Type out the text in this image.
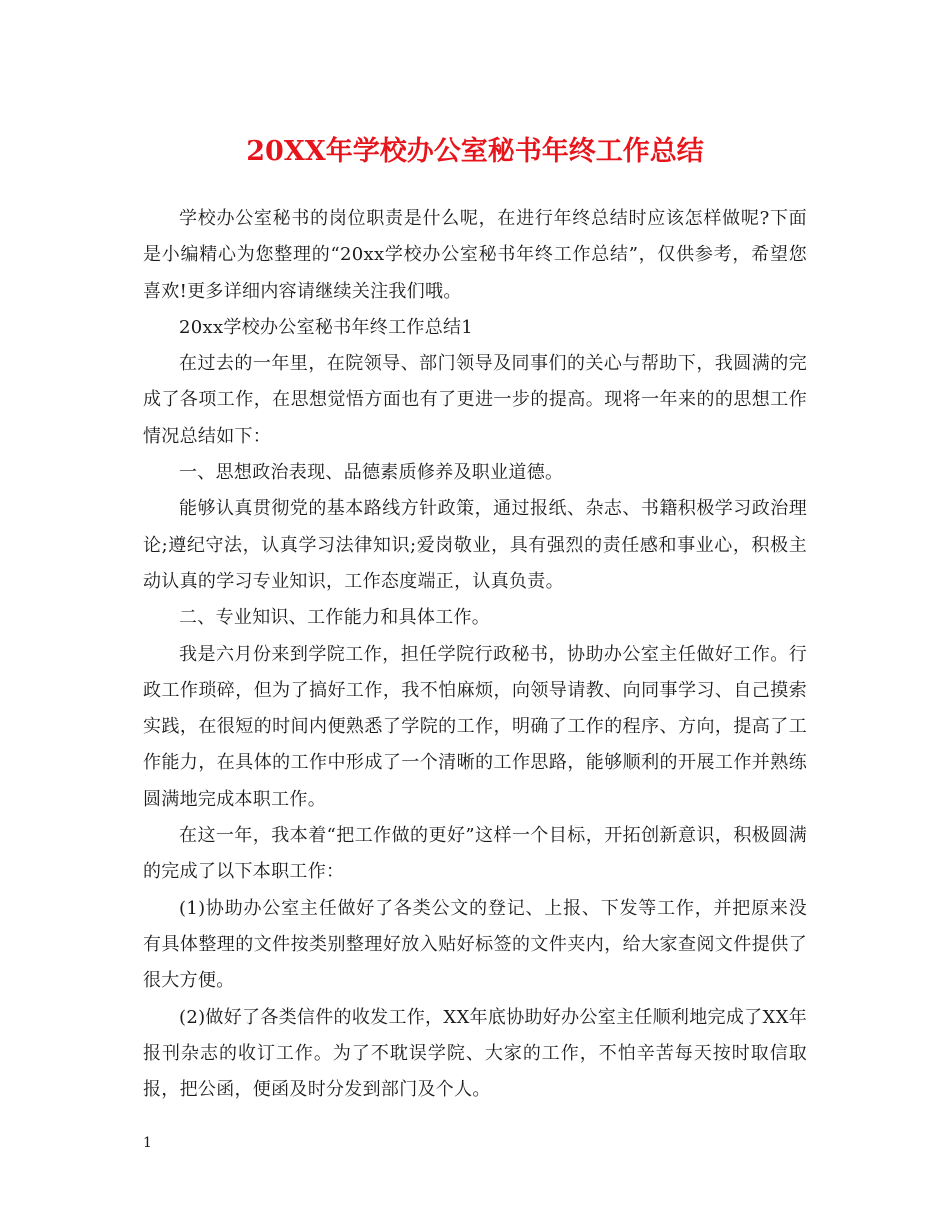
20XX年学校办公室秘书年终工作总结

学校办公室秘书的岗位职责是什么呢，在进行年终总结时应该怎样做呢?下面是小编精心为您整理的“20xx学校办公室秘书年终工作总结”，仅供参考，希望您喜欢!更多详细内容请继续关注我们哦。

20xx学校办公室秘书年终工作总结1

在过去的一年里，在院领导、部门领导及同事们的关心与帮助下，我圆满的完成了各项工作，在思想觉悟方面也有了更进一步的提高。现将一年来的的思想工作情况总结如下：

一、思想政治表现、品德素质修养及职业道德。

能够认真贯彻党的基本路线方针政策，通过报纸、杂志、书籍积极学习政治理论;遵纪守法，认真学习法律知识;爱岗敬业，具有强烈的责任感和事业心，积极主动认真的学习专业知识，工作态度端正，认真负责。

二、专业知识、工作能力和具体工作。

我是六月份来到学院工作，担任学院行政秘书，协助办公室主任做好工作。行政工作琐碎，但为了搞好工作，我不怕麻烦，向领导请教、向同事学习、自己摸索实践，在很短的时间内便熟悉了学院的工作，明确了工作的程序、方向，提高了工作能力，在具体的工作中形成了一个清晰的工作思路，能够顺利的开展工作并熟练圆满地完成本职工作。

在这一年，我本着“把工作做的更好”这样一个目标，开拓创新意识，积极圆满的完成了以下本职工作：

(1)协助办公室主任做好了各类公文的登记、上报、下发等工作，并把原来没有具体整理的文件按类别整理好放入贴好标签的文件夹内，给大家查阅文件提供了很大方便。

(2)做好了各类信件的收发工作，XX年底协助好办公室主任顺利地完成了XX年报刊杂志的收订工作。为了不耽误学院、大家的工作，不怕辛苦每天按时取信取报，把公函，便函及时分发到部门及个人。

1
